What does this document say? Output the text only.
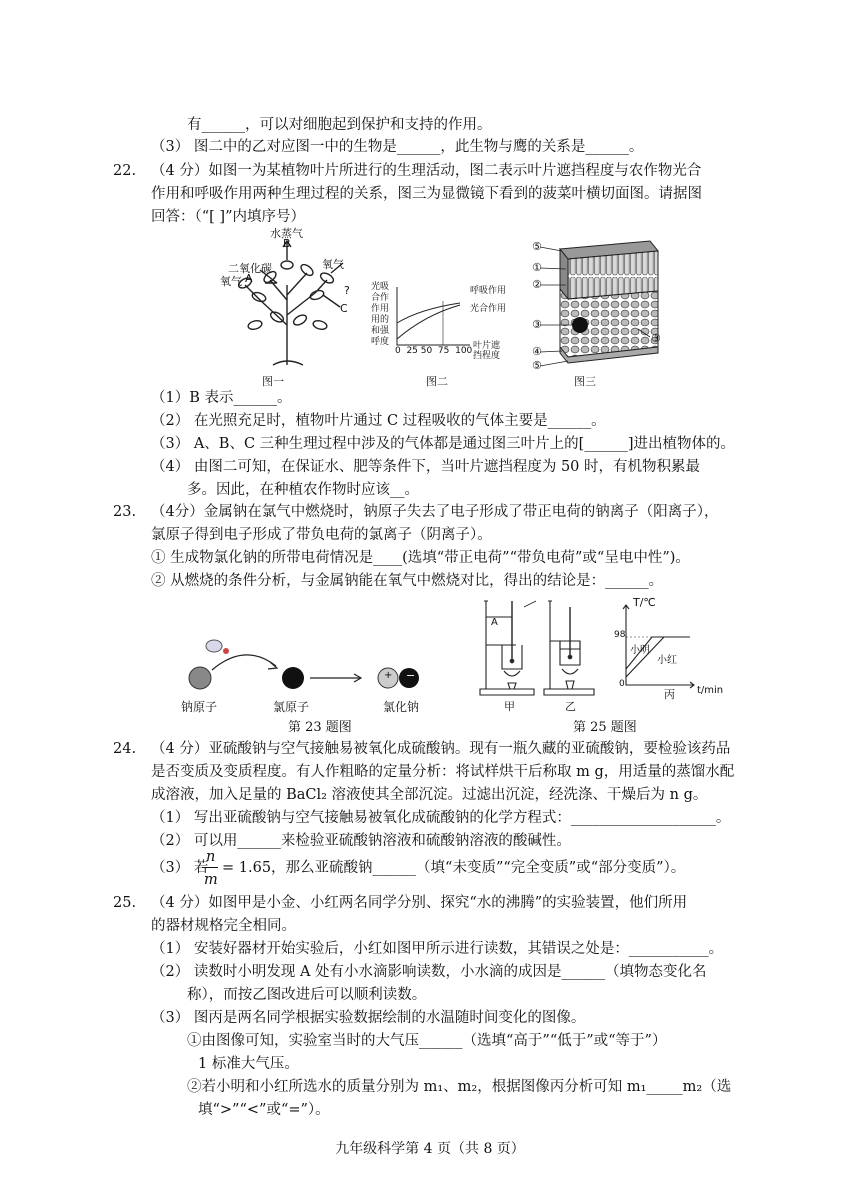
有______，可以对细胞起到保护和支持的作用。
（3） 图二中的乙对应图一中的生物是______，此生物与鹰的关系是______。
22. （4 分）如图一为某植物叶片所进行的生理活动，图二表示叶片遮挡程度与农作物光合
作用和呼吸作用两种生理过程的关系，图三为显微镜下看到的菠菜叶横切面图。请据图
回答：（“[ ]”内填序号）
水蒸气
B
二氧化碳
氧气 A
氧气
C
?
图一
光吸
合作
作用
用的
和强
呼度
呼吸作用
光合作用
0  25 50  75  100 叶片遮
挡程度
图二
⑤
①
②
③
④
⑤
③
图三
（1）B 表示______。
（2） 在光照充足时，植物叶片通过 C 过程吸收的气体主要是______。
（3） A、B、C 三种生理过程中涉及的气体都是通过图三叶片上的[______]进出植物体的。
（4） 由图二可知，在保证水、肥等条件下，当叶片遮挡程度为 50 时，有机物积累最
多。因此，在种植农作物时应该__。
23. （4分）金属钠在氯气中燃烧时，钠原子失去了电子形成了带正电荷的钠离子（阳离子），
氯原子得到电子形成了带负电荷的氯离子（阴离子）。
① 生成物氯化钠的所带电荷情况是____(选填“带正电荷”“带负电荷”或“呈电中性”)。
② 从燃烧的条件分析，与金属钠能在氧气中燃烧对比，得出的结论是：______。
+ −
钠原子	氯原子	氯化钠
第 23 题图
A
甲	乙
丙
T/℃
98
0
t/min
小明
小红
第 25 题图
24. （4 分）亚硫酸钠与空气接触易被氧化成硫酸钠。现有一瓶久藏的亚硫酸钠，要检验该药品
是否变质及变质程度。有人作粗略的定量分析：将试样烘干后称取 m g，用适量的蒸馏水配
成溶液，加入足量的 BaCl₂ 溶液使其全部沉淀。过滤出沉淀，经洗涤、干燥后为 n g。
（1） 写出亚硫酸钠与空气接触易被氧化成硫酸钠的化学方程式：____________________。
（2） 可以用______来检验亚硫酸钠溶液和硫酸钠溶液的酸碱性。
（3） 若
n
m
= 1.65，那么亚硫酸钠______（填“未变质”“完全变质”或“部分变质”）。
25. （4 分）如图甲是小金、小红两名同学分别、探究“水的沸腾”的实验装置，他们所用
的器材规格完全相同。
（1） 安装好器材开始实验后，小红如图甲所示进行读数，其错误之处是：___________。
（2） 读数时小明发现 A 处有小水滴影响读数，小水滴的成因是______（填物态变化名
称），而按乙图改进后可以顺利读数。
（3） 图丙是两名同学根据实验数据绘制的水温随时间变化的图像。
①由图像可知，实验室当时的大气压______（选填“高于”“低于”或“等于”）
1 标准大气压。
②若小明和小红所选水的质量分别为 m₁、m₂，根据图像丙分析可知 m₁_____m₂（选
填“>”“<”或“=”）。
九年级科学第 4 页（共 8 页）
